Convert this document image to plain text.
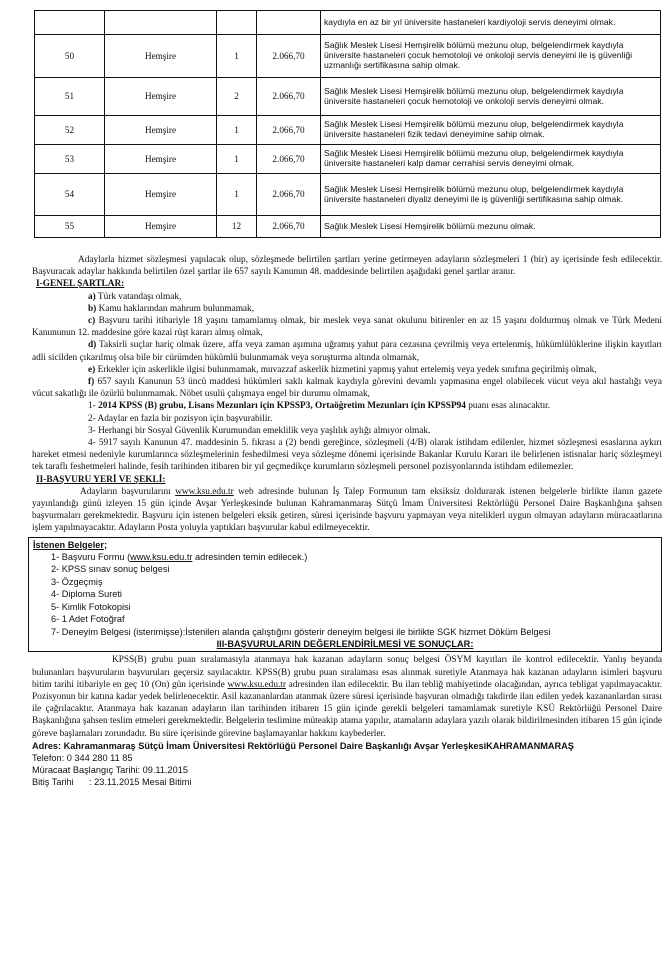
				kaydıyla en az bir yıl üniversite hastaneleri kardiyoloji servis deneyimi olmak.
50	Hemşire	1	2.066,70	Sağlık Meslek Lisesi Hemşirelik bölümü mezunu olup, belgelendirmek kaydıyla üniversite hastaneleri çocuk hemotoloji ve onkoloji servis deneyimi ile iş güvenliği uzmanlığı sertifikasına sahip olmak.
51	Hemşire	2	2.066,70	Sağlık Meslek Lisesi Hemşirelik bölümü mezunu olup, belgelendirmek kaydıyla üniversite hastaneleri çocuk hemotoloji ve onkoloji servis deneyimi olmak.
52	Hemşire	1	2.066,70	Sağlık Meslek Lisesi Hemşirelik bölümü mezunu olup, belgelendirmek kaydıyla üniversite hastaneleri fizik tedavi deneyimine sahip olmak.
53	Hemşire	1	2.066,70	Sağlık Meslek Lisesi Hemşirelik bölümü mezunu olup, belgelendirmek kaydıyla üniversite hastaneleri kalp damar cerrahisi servis deneyimi olmak.
54	Hemşire	1	2.066,70	Sağlık Meslek Lisesi Hemşirelik bölümü mezunu olup, belgelendirmek kaydıyla üniversite hastaneleri diyaliz deneyimi ile iş güvenliği sertifikasına sahip olmak.
55	Hemşire	12	2.066,70	Sağlık Meslek Lisesi Hemşirelik bölümü mezunu olmak.

Adaylarla hizmet sözleşmesi yapılacak olup, sözleşmede belirtilen şartları yerine getirmeyen adayların sözleşmeleri 1 (bir) ay içerisinde fesh edilecektir. Başvuracak adaylar hakkında belirtilen özel şartlar ile 657 sayılı Kanunun 48. maddesinde belirtilen aşağıdaki genel şartlar aranır.

I-GENEL ŞARTLAR:

a) Türk vatandaşı olmak,

b) Kamu haklarından mahrum bulunmamak,

c) Başvuru tarihi itibariyle 18 yaşını tamamlamış olmak, bir meslek veya sanat okulunu bitirenler en az 15 yaşını doldurmuş olmak ve Türk Medeni Kanununun 12. maddesine göre kazai rüşt kararı almış olmak,

d) Taksirli suçlar hariç olmak üzere, affa veya zaman aşımına uğramış yahut para cezasına çevrilmiş veya ertelenmiş, hükümlülüklerine ilişkin kayıtları adli sicilden çıkarılmış olsa bile bir cürümden hükümlü bulunmamak veya soruşturma altında olmamak,

e) Erkekler için askerlikle ilgisi bulunmamak, muvazzaf askerlik hizmetini yapmış yahut ertelemiş veya yedek sınıfına geçirilmiş olmak,

f) 657 sayılı Kanunun 53 üncü maddesi hükümleri saklı kalmak kaydıyla görevini devamlı yapmasına engel olabilecek vücut veya akıl hastalığı veya vücut sakatlığı ile özürlü bulunmamak. Nöbet usulü çalışmaya engel bir durumu olmamak,

1- 2014 KPSS (B) grubu, Lisans Mezunları için KPSSP3, Ortaöğretim Mezunları için KPSSP94 puanı esas alınacaktır.

2- Adaylar en fazla bir pozisyon için başvurabilir.

3- Herhangi bir Sosyal Güvenlik Kurumundan emeklilik veya yaşlılık aylığı almıyor olmak.

4- 5917 sayılı Kanunun 47. maddesinin 5. fıkrası a (2) bendi gereğince, sözleşmeli (4/B) olarak istihdam edilenler, hizmet sözleşmesi esaslarına aykırı hareket etmesi nedeniyle kurumlarınca sözleşmelerinin feshedilmesi veya sözleşme dönemi içerisinde Bakanlar Kurulu Kararı ile belirlenen istisnalar hariç sözleşmeyi tek taraflı feshetmeleri halinde, fesih tarihinden itibaren bir yıl geçmedikçe kurumların sözleşmeli personel pozisyonlarında istihdam edilemezler.

II-BAŞVURU YERİ VE ŞEKLİ:

Adayların başvurularını www.ksu.edu.tr web adresinde bulunan İş Talep Formunun tam eksiksiz doldurarak istenen belgelerle birlikte ilanın gazete yayınlandığı günü izleyen 15 gün içinde Avşar Yerleşkesinde bulunan Kahramanmaraş Sütçü İmam Üniversitesi Rektörlüğü Personel Daire Başkanlığına şahsen başvurmaları gerekmektedir. Başvuru için istenen belgeleri eksik getiren, süresi içerisinde başvuru yapmayan veya niteliklerl uygun olmayan adayların müracaatlarına işlem yapılmayacaktır. Adayların Posta yoluyla yaptıkları başvurular kabul edilmeyecektir.

İstenen Belgeler;
1- Başvuru Formu (www.ksu.edu.tr adresinden temin edilecek.)
2- KPSS sınav sonuç belgesi
3- Özgeçmiş
4- Diploma Sureti
5- Kimlik Fotokopisi
6- 1 Adet Fotoğraf
7- Deneyim Belgesi (istenmişse):İstenilen alanda çalıştığını gösterir deneyim belgesi ile birlikte SGK hizmet Döküm Belgesi
III-BAŞVURULARIN DEĞERLENDİRİLMESİ VE SONUÇLAR:

KPSS(B) grubu puan sıralamasıyla atanmaya hak kazanan adayların sonuç belgesi ÖSYM kayıtları ile kontrol edilecektir. Yanlış beyanda bulunanları başvuruların başvuruları geçersiz sayılacaktır. KPSS(B) grubu puan sıralaması esas alınmak suretiyle Atanmaya hak kazanan adayların isimleri başvuru bitim tarihi itibariyle en geç 10 (On) gün içerisinde www.ksu.edu.tr adresinden ilan edilecektir. Bu ilan tebliğ mahiyetinde olacağından, ayrıca tebligat yapılmayacaktır. Pozisyonun bir katına kadar yedek belirlenecektir. Asil kazananlardan atanmak üzere süresi içerisinde başvuran olmadığı takdirde ilan edilen yedek kazananlardan sırası ile çağrılacaktır. Atanmaya hak kazanan adayların ilan tarihinden itibaren 15 gün içinde gerekli belgeleri tamamlamak suretiyle KSÜ Rektörlüğü Personel Daire Başkanlığına şahsen teslim etmeleri gerekmektedir. Belgelerin teslimine müteakip atama yapılır, atamaların adaylara yazılı olarak bildirilmesinden itibaren 15 gün içinde göreve başlamaları zorundadır. Bu süre içerisinde görevine başlamayanlar hakkını kaybederler.

Adres: Kahramanmaraş Sütçü İmam Üniversitesi Rektörlüğü Personel Daire Başkanlığı Avşar YerleşkesiKAHRAMANMARAŞ
Telefon: 0 344 280 11 85
Müracaat Başlangıç Tarihi: 09.11.2015
Bitiş Tarihi      : 23.11.2015 Mesai Bitimi
